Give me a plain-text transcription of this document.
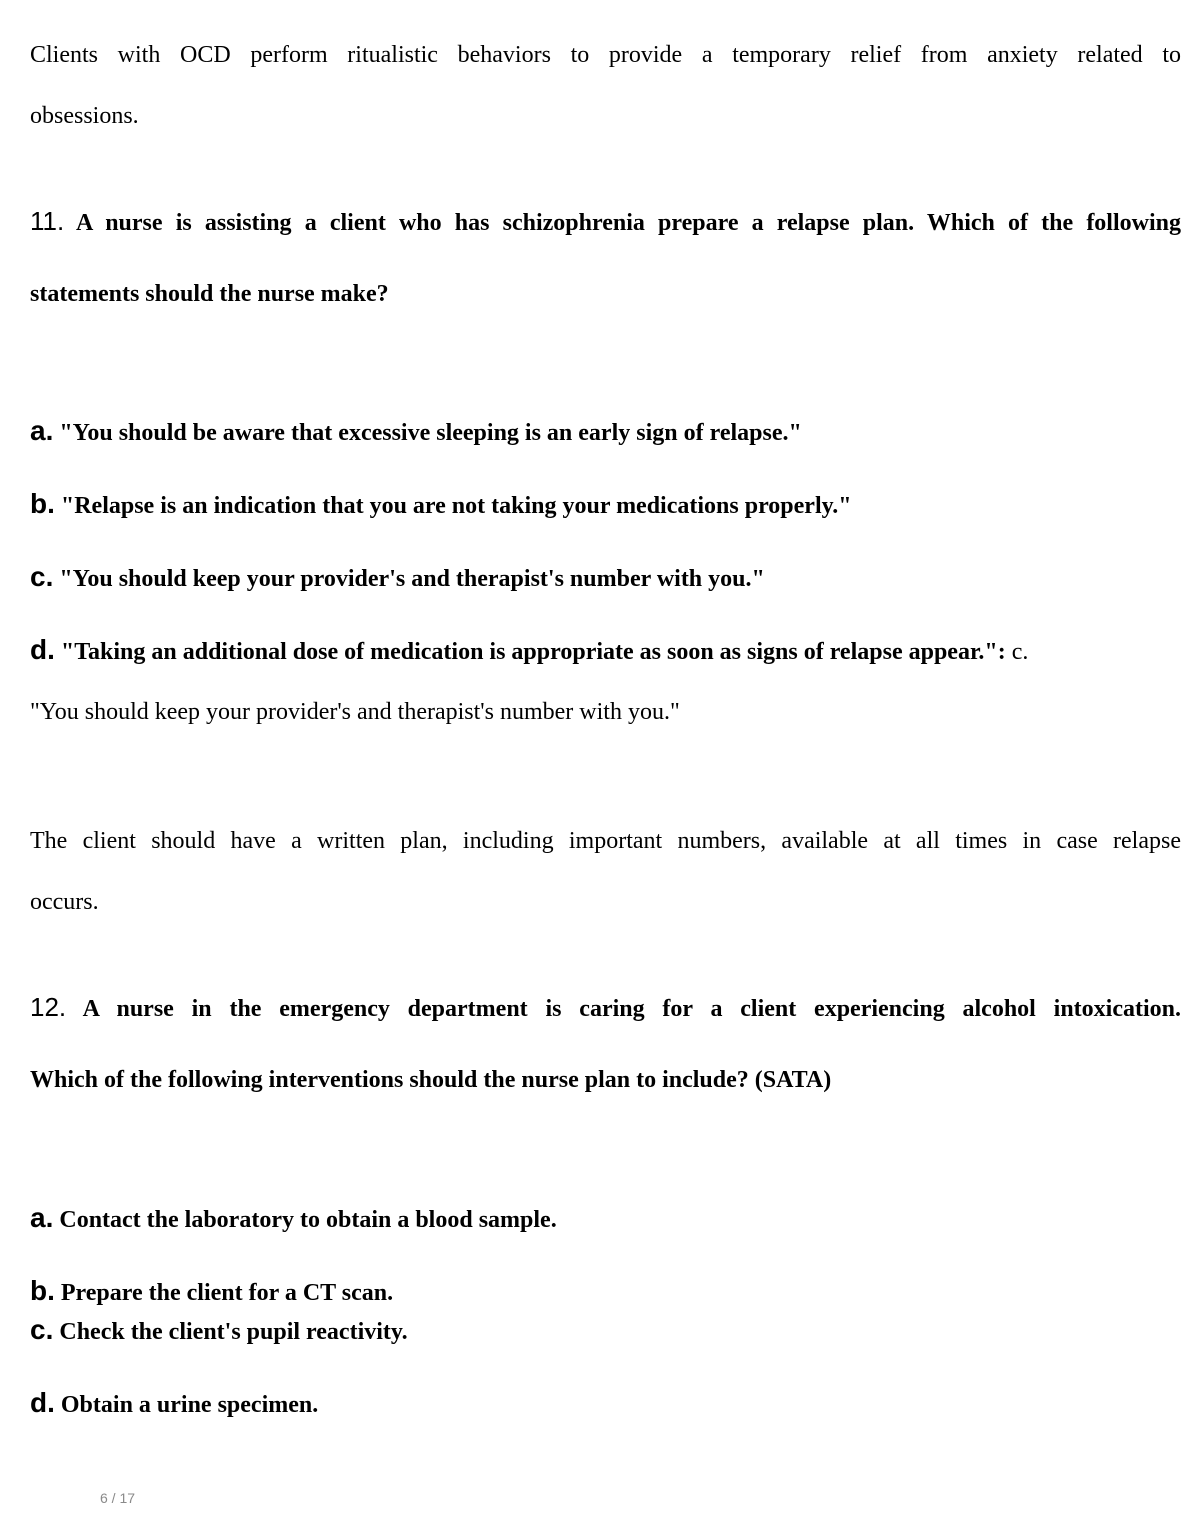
Clients with OCD perform ritualistic behaviors to provide a temporary relief from anxiety related to
obsessions.
11. A nurse is assisting a client who has schizophrenia prepare a relapse plan. Which of the following
statements should the nurse make?
a. "You should be aware that excessive sleeping is an early sign of relapse."
b. "Relapse is an indication that you are not taking your medications properly."
c. "You should keep your provider's and therapist's number with you."
d. "Taking an additional dose of medication is appropriate as soon as signs of relapse appear.": c.
"You should keep your provider's and therapist's number with you."
The client should have a written plan, including important numbers, available at all times in case relapse
occurs.
12. A nurse in the emergency department is caring for a client experiencing alcohol intoxication.
Which of the following interventions should the nurse plan to include? (SATA)
a. Contact the laboratory to obtain a blood sample.
b. Prepare the client for a CT scan.
c. Check the client's pupil reactivity.
d. Obtain a urine specimen.
6 / 17
